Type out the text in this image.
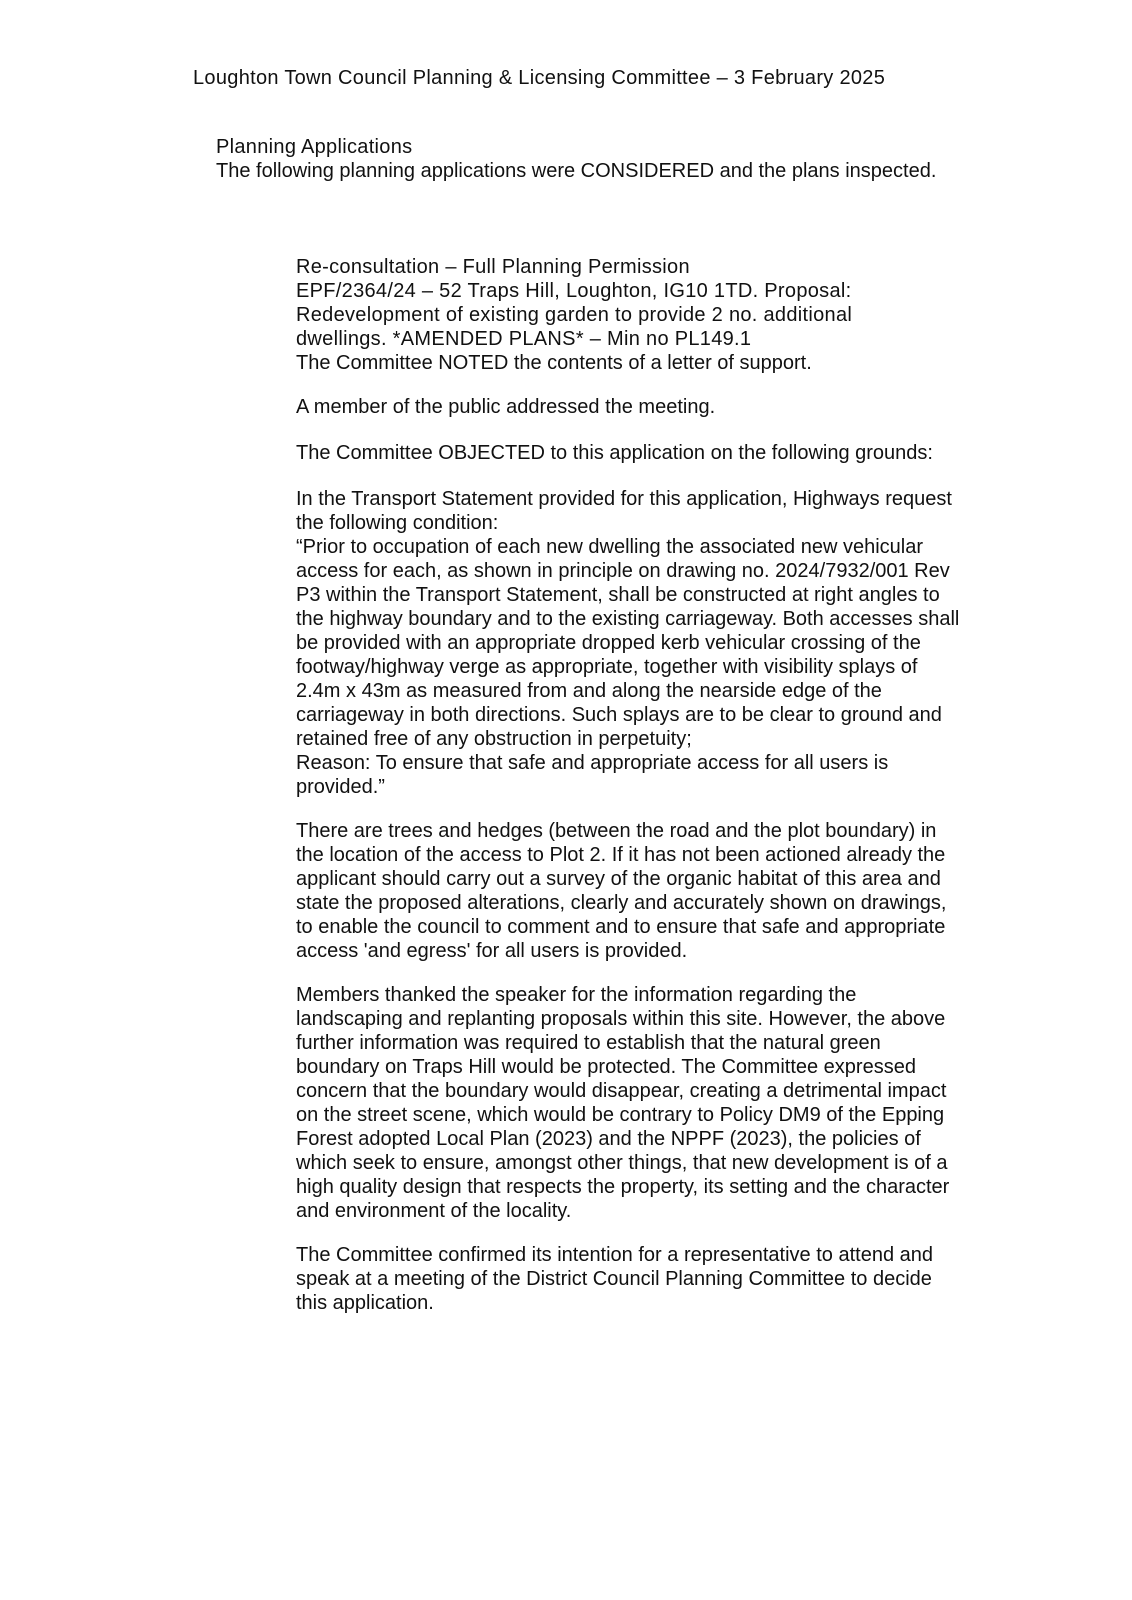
Loughton Town Council Planning & Licensing Committee – 3 February 2025
Planning Applications
The following planning applications were CONSIDERED and the plans inspected.
Re-consultation – Full Planning Permission
EPF/2364/24 – 52 Traps Hill, Loughton, IG10 1TD. Proposal:
Redevelopment of existing garden to provide 2 no. additional
dwellings. *AMENDED PLANS* – Min no PL149.1
The Committee NOTED the contents of a letter of support.
A member of the public addressed the meeting.
The Committee OBJECTED to this application on the following grounds:
In the Transport Statement provided for this application, Highways request
the following condition:
“Prior to occupation of each new dwelling the associated new vehicular
access for each, as shown in principle on drawing no. 2024/7932/001 Rev
P3 within the Transport Statement, shall be constructed at right angles to
the highway boundary and to the existing carriageway. Both accesses shall
be provided with an appropriate dropped kerb vehicular crossing of the
footway/highway verge as appropriate, together with visibility splays of
2.4m x 43m as measured from and along the nearside edge of the
carriageway in both directions. Such splays are to be clear to ground and
retained free of any obstruction in perpetuity;
Reason: To ensure that safe and appropriate access for all users is
provided.”
There are trees and hedges (between the road and the plot boundary) in
the location of the access to Plot 2. If it has not been actioned already the
applicant should carry out a survey of the organic habitat of this area and
state the proposed alterations, clearly and accurately shown on drawings,
to enable the council to comment and to ensure that safe and appropriate
access 'and egress' for all users is provided.
Members thanked the speaker for the information regarding the
landscaping and replanting proposals within this site. However, the above
further information was required to establish that the natural green
boundary on Traps Hill would be protected. The Committee expressed
concern that the boundary would disappear, creating a detrimental impact
on the street scene, which would be contrary to Policy DM9 of the Epping
Forest adopted Local Plan (2023) and the NPPF (2023), the policies of
which seek to ensure, amongst other things, that new development is of a
high quality design that respects the property, its setting and the character
and environment of the locality.
The Committee confirmed its intention for a representative to attend and
speak at a meeting of the District Council Planning Committee to decide
this application.
